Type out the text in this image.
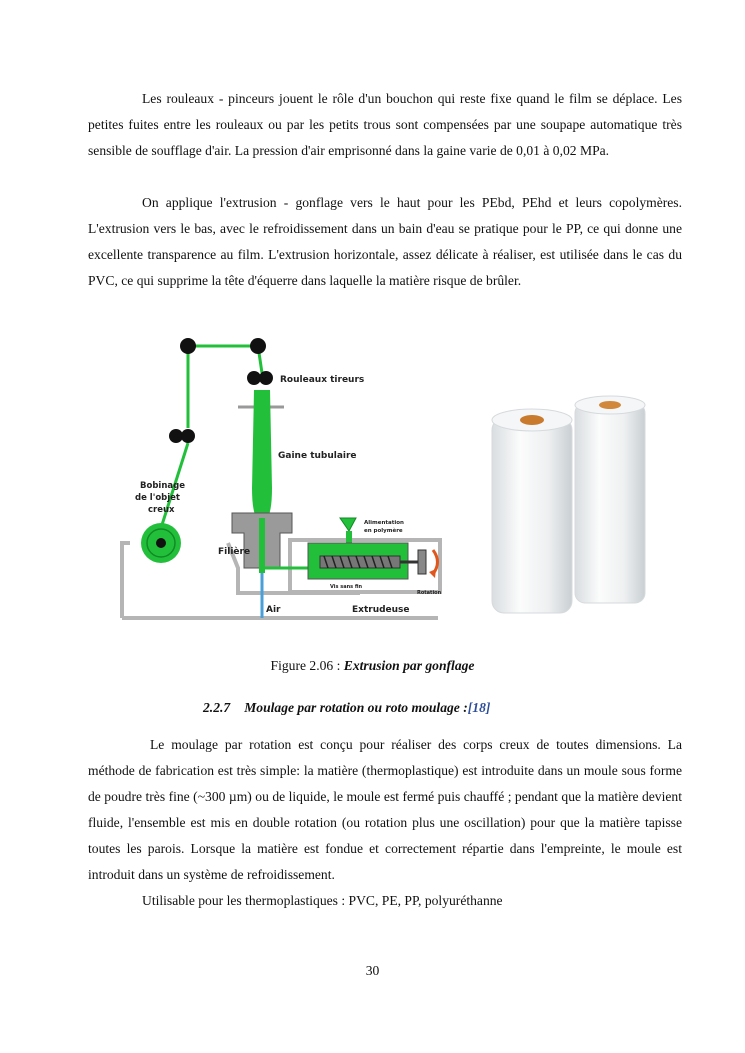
Les rouleaux - pinceurs jouent le rôle d'un bouchon qui reste fixe quand le film se déplace. Les petites fuites entre les rouleaux ou par les petits trous sont compensées par une soupape automatique très sensible de soufflage d'air. La pression d'air emprisonné dans la gaine varie de 0,01 à 0,02 MPa.

On applique l'extrusion - gonflage vers le haut pour les PEbd, PEhd et leurs copolymères. L'extrusion vers le bas, avec le refroidissement dans un bain d'eau se pratique pour le PP, ce qui donne une excellente transparence au film. L'extrusion horizontale, assez délicate à réaliser, est utilisée dans le cas du PVC, ce qui supprime la tête d'équerre dans laquelle la matière risque de brûler.

Rouleaux tireurs
Gaine tubulaire
Bobinage
de l'objet
creux
Filière
Alimentation
en polymère
Vis sans fin
Rotation
Air	Extrudeuse
Figure 2.06 : Extrusion par gonflage
2.2.7 Moulage par rotation ou roto moulage :[18]

Le moulage par rotation est conçu pour réaliser des corps creux de toutes dimensions. La méthode de fabrication est très simple: la matière (thermoplastique) est introduite dans un moule sous forme de poudre très fine (~300 µm) ou de liquide, le moule est fermé puis chauffé ; pendant que la matière devient fluide, l'ensemble est mis en double rotation (ou rotation plus une oscillation) pour que la matière tapisse toutes les parois. Lorsque la matière est fondue et correctement répartie dans l'empreinte, le moule est introduit dans un système de refroidissement.

Utilisable pour les thermoplastiques : PVC, PE, PP, polyuréthanne

30
